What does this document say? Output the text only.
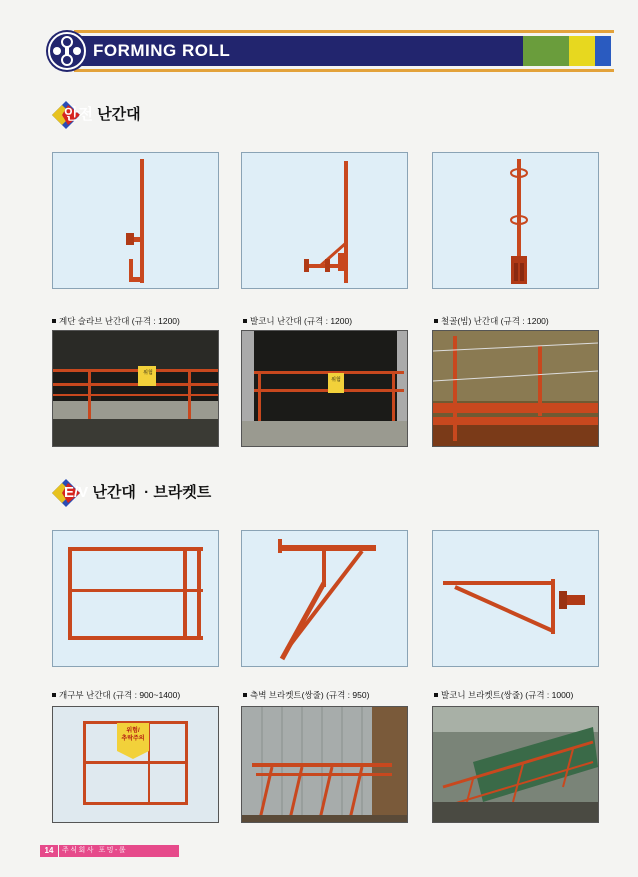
FORMING ROLL
안전 난간대
계단 슬라브 난간대 (규격 : 1200)	발코니 난간대 (규격 : 1200)	철골(빔) 난간대 (규격 : 1200)
위험
위험
E/V 난간대  · 브라켓트
개구부 난간대 (규격 : 900~1400)	측벽 브라켓트(쌍줄) (규격 : 950)	발코니 브라켓트(쌍줄) (규격 : 1000)
위험/
추락주의
14	주식회사 포밍-롤
